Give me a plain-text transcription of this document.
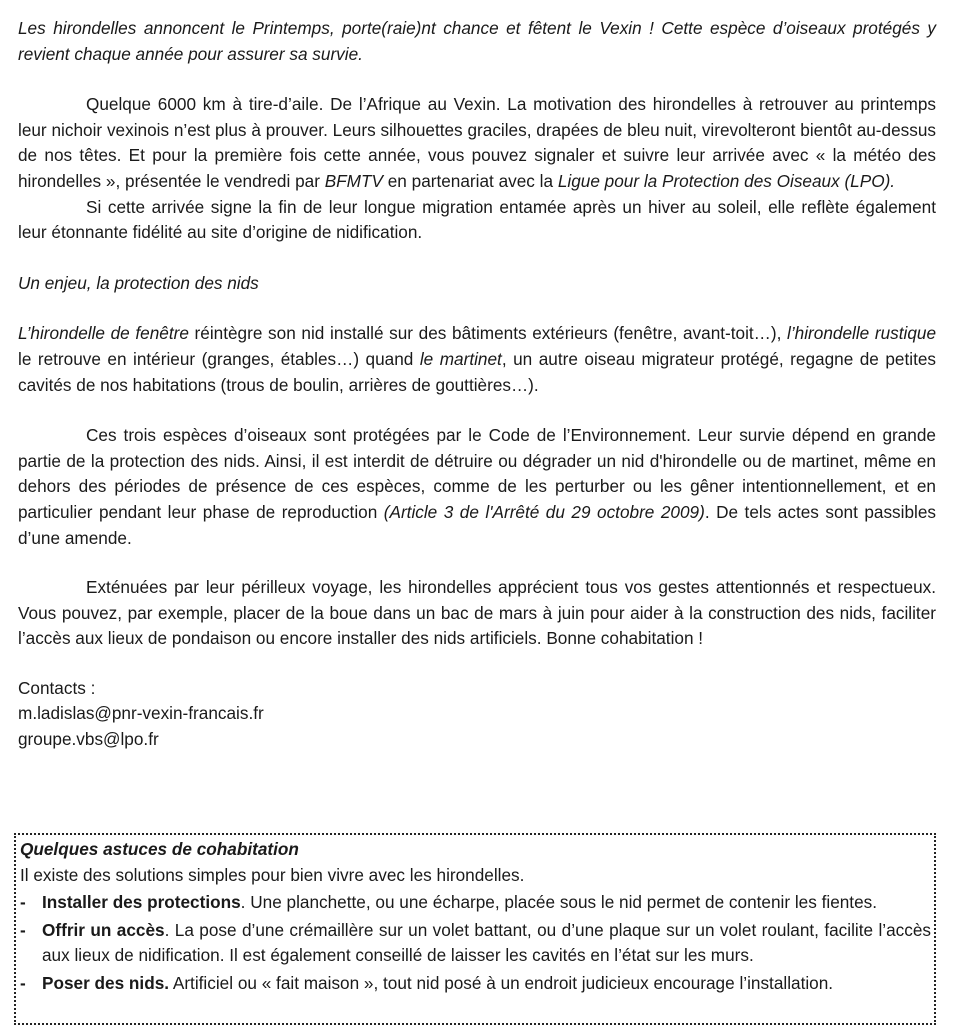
Les hirondelles annoncent le Printemps, porte(raie)nt chance et fêtent le Vexin ! Cette espèce d’oiseaux protégés y revient chaque année pour assurer sa survie.

Quelque 6000 km à tire-d’aile. De l’Afrique au Vexin. La motivation des hirondelles à retrouver au printemps leur nichoir vexinois n’est plus à prouver. Leurs silhouettes graciles, drapées de bleu nuit, virevolteront bientôt au-dessus de nos têtes. Et pour la première fois cette année, vous pouvez signaler et suivre leur arrivée avec « la météo des hirondelles », présentée le vendredi par BFMTV en partenariat avec la Ligue pour la Protection des Oiseaux (LPO).

Si cette arrivée signe la fin de leur longue migration entamée après un hiver au soleil, elle reflète également leur étonnante fidélité au site d’origine de nidification.

Un enjeu, la protection des nids

L’hirondelle de fenêtre réintègre son nid installé sur des bâtiments extérieurs (fenêtre, avant-toit…), l’hirondelle rustique le retrouve en intérieur (granges, étables…) quand le martinet, un autre oiseau migrateur protégé, regagne de petites cavités de nos habitations (trous de boulin, arrières de gouttières…).

Ces trois espèces d’oiseaux sont protégées par le Code de l’Environnement. Leur survie dépend en grande partie de la protection des nids. Ainsi, il est interdit de détruire ou dégrader un nid d'hirondelle ou de martinet, même en dehors des périodes de présence de ces espèces, comme de les perturber ou les gêner intentionnellement, et en particulier pendant leur phase de reproduction (Article 3 de l'Arrêté du 29 octobre 2009). De tels actes sont passibles d’une amende.

Exténuées par leur périlleux voyage, les hirondelles apprécient tous vos gestes attentionnés et respectueux. Vous pouvez, par exemple, placer de la boue dans un bac de mars à juin pour aider à la construction des nids, faciliter l’accès aux lieux de pondaison ou encore installer des nids artificiels. Bonne cohabitation !

Contacts :
m.ladislas@pnr-vexin-francais.fr
groupe.vbs@lpo.fr
Quelques astuces de cohabitation
Il existe des solutions simples pour bien vivre avec les hirondelles.
- Installer des protections. Une planchette, ou une écharpe, placée sous le nid permet de contenir les fientes.
- Offrir un accès. La pose d’une crémaillère sur un volet battant, ou d’une plaque sur un volet roulant, facilite l’accès aux lieux de nidification. Il est également conseillé de laisser les cavités en l’état sur les murs.
- Poser des nids. Artificiel ou « fait maison », tout nid posé à un endroit judicieux encourage l’installation.
